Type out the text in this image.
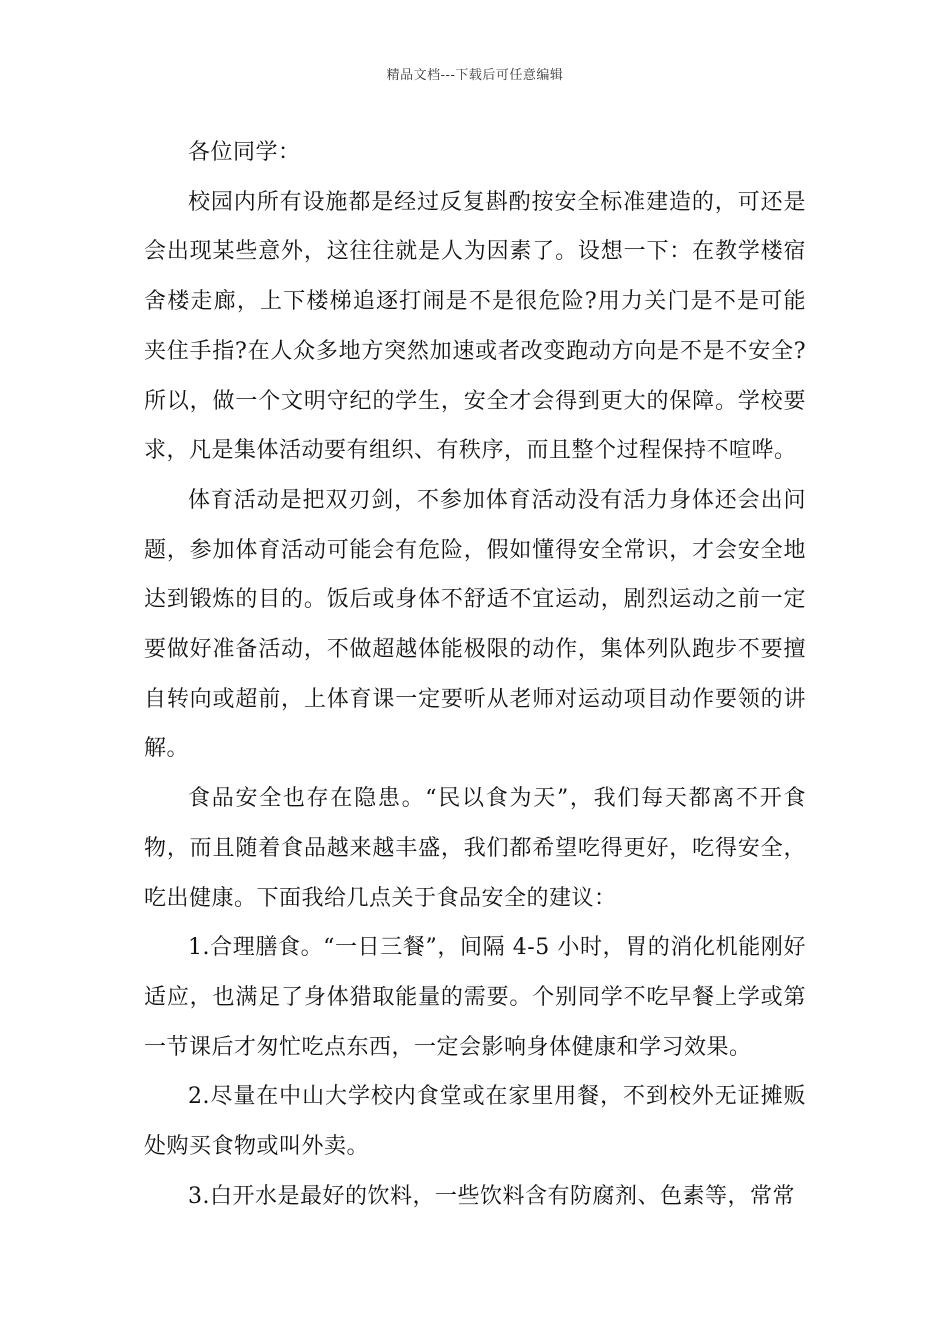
精品文档---下载后可任意编辑

各位同学：

校园内所有设施都是经过反复斟酌按安全标准建造的，可还是会出现某些意外，这往往就是人为因素了。设想一下：在教学楼宿舍楼走廊，上下楼梯追逐打闹是不是很危险?用力关门是不是可能夹住手指?在人众多地方突然加速或者改变跑动方向是不是不安全?所以，做一个文明守纪的学生，安全才会得到更大的保障。学校要求，凡是集体活动要有组织、有秩序，而且整个过程保持不喧哗。

体育活动是把双刃剑，不参加体育活动没有活力身体还会出问题，参加体育活动可能会有危险，假如懂得安全常识，才会安全地达到锻炼的目的。饭后或身体不舒适不宜运动，剧烈运动之前一定要做好准备活动，不做超越体能极限的动作，集体列队跑步不要擅自转向或超前，上体育课一定要听从老师对运动项目动作要领的讲解。

食品安全也存在隐患。“民以食为天”，我们每天都离不开食物，而且随着食品越来越丰盛，我们都希望吃得更好，吃得安全，吃出健康。下面我给几点关于食品安全的建议：

1.合理膳食。“一日三餐”，间隔 4-5 小时，胃的消化机能刚好适应，也满足了身体猎取能量的需要。个别同学不吃早餐上学或第一节课后才匆忙吃点东西，一定会影响身体健康和学习效果。

2.尽量在中山大学校内食堂或在家里用餐，不到校外无证摊贩处购买食物或叫外卖。

3.白开水是最好的饮料，一些饮料含有防腐剂、色素等，常常
